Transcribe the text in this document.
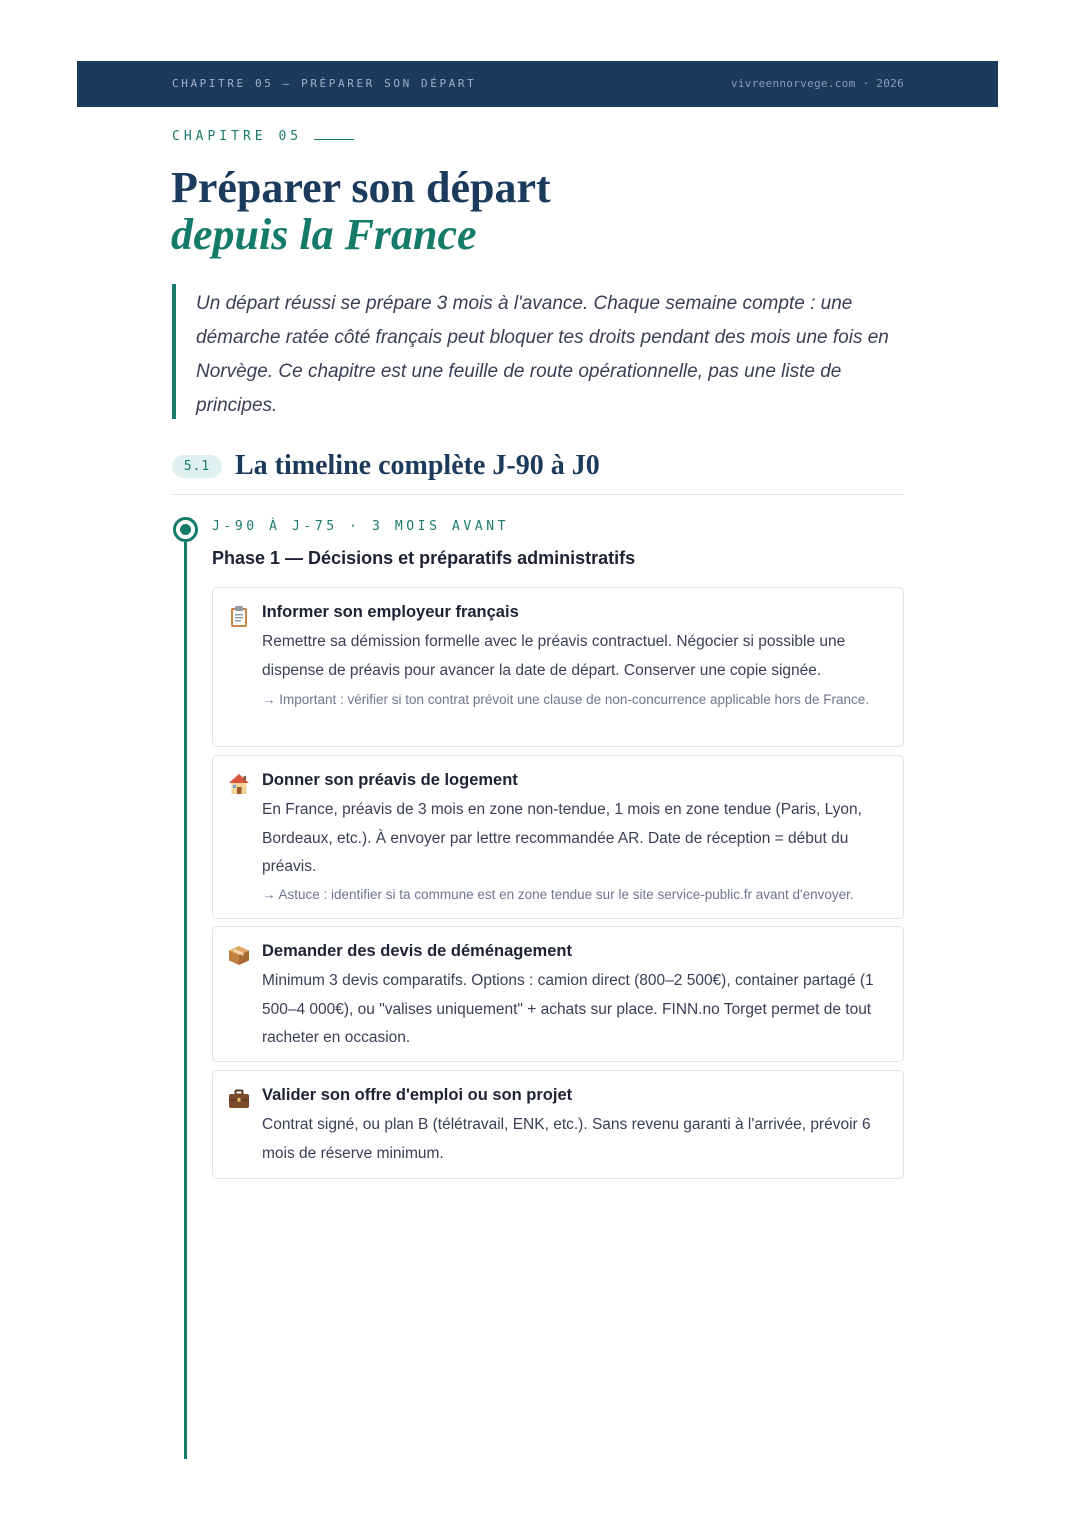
CHAPITRE 05 — PRÉPARER SON DÉPART	vivreennorvege.com · 2026
CHAPITRE 05
Préparer son départ
depuis la France
Un départ réussi se prépare 3 mois à l'avance. Chaque semaine compte : une démarche ratée côté français peut bloquer tes droits pendant des mois une fois en Norvège. Ce chapitre est une feuille de route opérationnelle, pas une liste de principes.
5.1 La timeline complète J-90 à J0
J-90 À J-75 · 3 MOIS AVANT
Phase 1 — Décisions et préparatifs administratifs
Informer son employeur français
Remettre sa démission formelle avec le préavis contractuel. Négocier si possible une dispense de préavis pour avancer la date de départ. Conserver une copie signée.
→ Important : vérifier si ton contrat prévoit une clause de non-concurrence applicable hors de France.
Donner son préavis de logement
En France, préavis de 3 mois en zone non-tendue, 1 mois en zone tendue (Paris, Lyon, Bordeaux, etc.). À envoyer par lettre recommandée AR. Date de réception = début du préavis.
→ Astuce : identifier si ta commune est en zone tendue sur le site service-public.fr avant d'envoyer.
Demander des devis de déménagement
Minimum 3 devis comparatifs. Options : camion direct (800–2 500€), container partagé (1 500–4 000€), ou "valises uniquement" + achats sur place. FINN.no Torget permet de tout racheter en occasion.
Valider son offre d'emploi ou son projet
Contrat signé, ou plan B (télétravail, ENK, etc.). Sans revenu garanti à l'arrivée, prévoir 6 mois de réserve minimum.
